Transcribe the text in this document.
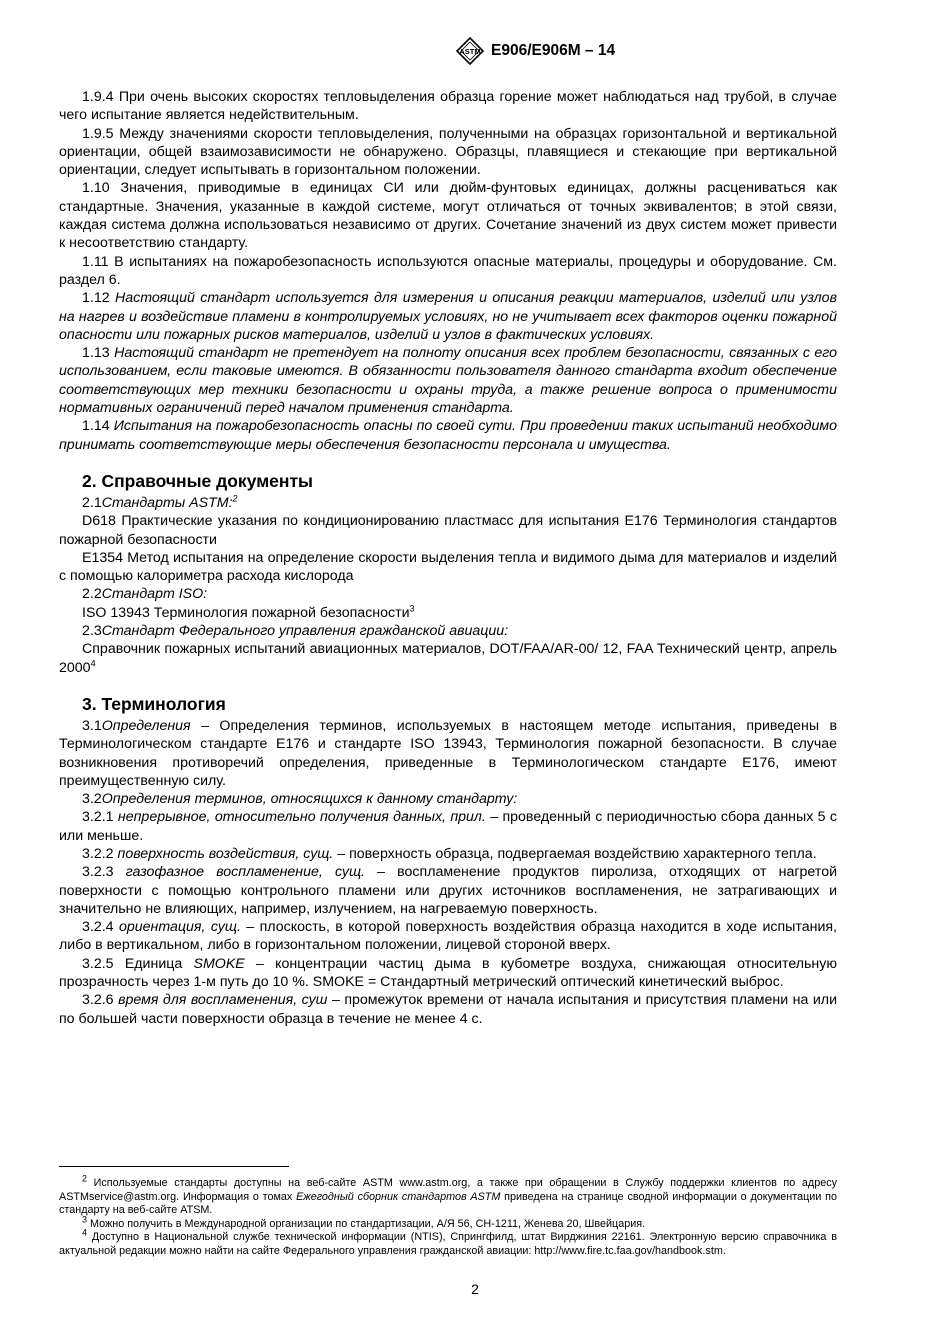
ASTM E906/E906M – 14

1.9.4 При очень высоких скоростях тепловыделения образца горение может наблюдаться над трубой, в случае чего испытание является недействительным.

1.9.5 Между значениями скорости тепловыделения, полученными на образцах горизонтальной и вертикальной ориентации, общей взаимозависимости не обнаружено. Образцы, плавящиеся и стекающие при вертикальной ориентации, следует испытывать в горизонтальном положении.

1.10 Значения, приводимые в единицах СИ или дюйм-фунтовых единицах, должны расцениваться как стандартные. Значения, указанные в каждой системе, могут отличаться от точных эквивалентов; в этой связи, каждая система должна использоваться независимо от других. Сочетание значений из двух систем может привести к несоответствию стандарту.

1.11 В испытаниях на пожаробезопасность используются опасные материалы, процедуры и оборудование. См. раздел 6.

1.12 Настоящий стандарт используется для измерения и описания реакции материалов, изделий или узлов на нагрев и воздействие пламени в контролируемых условиях, но не учитывает всех факторов оценки пожарной опасности или пожарных рисков материалов, изделий и узлов в фактических условиях.

1.13 Настоящий стандарт не претендует на полноту описания всех проблем безопасности, связанных с его использованием, если таковые имеются. В обязанности пользователя данного стандарта входит обеспечение соответствующих мер техники безопасности и охраны труда, а также решение вопроса о применимости нормативных ограничений перед началом применения стандарта.

1.14 Испытания на пожаробезопасность опасны по своей сути. При проведении таких испытаний необходимо принимать соответствующие меры обеспечения безопасности персонала и имущества.

2. Справочные документы

2.1Стандарты ASTM:$^2$

D618 Практические указания по кондиционированию пластмасс для испытания E176 Терминология стандартов пожарной безопасности

E1354 Метод испытания на определение скорости выделения тепла и видимого дыма для материалов и изделий с помощью калориметра расхода кислорода

2.2Стандарт ISO:

ISO 13943 Терминология пожарной безопасности$^3$

2.3Стандарт Федерального управления гражданской авиации:

Справочник пожарных испытаний авиационных материалов, DOT/FAA/AR-00/ 12, FAA Технический центр, апрель 2000$^4$

3. Терминология

3.1Определения – Определения терминов, используемых в настоящем методе испытания, приведены в Терминологическом стандарте E176 и стандарте ISO 13943, Терминология пожарной безопасности. В случае возникновения противоречий определения, приведенные в Терминологическом стандарте E176, имеют преимущественную силу.

3.2Определения терминов, относящихся к данному стандарту:

3.2.1 непрерывное, относительно получения данных, прил. – проведенный с периодичностью сбора данных 5 с или меньше.

3.2.2 поверхность воздействия, сущ. – поверхность образца, подвергаемая воздействию характерного тепла.

3.2.3 газофазное воспламенение, сущ. – воспламенение продуктов пиролиза, отходящих от нагретой поверхности с помощью контрольного пламени или других источников воспламенения, не затрагивающих и значительно не влияющих, например, излучением, на нагреваемую поверхность.

3.2.4 ориентация, сущ. – плоскость, в которой поверхность воздействия образца находится в ходе испытания, либо в вертикальном, либо в горизонтальном положении, лицевой стороной вверх.

3.2.5 Единица SMOKE – концентрации частиц дыма в кубометре воздуха, снижающая относительную прозрачность через 1-м путь до 10 %. SMOKE = Стандартный метрический оптический кинетический выброс.

3.2.6 время для воспламенения, суш – промежуток времени от начала испытания и присутствия пламени на или по большей части поверхности образца в течение не менее 4 с.

$^2$ Используемые стандарты доступны на веб-сайте ASTM www.astm.org, а также при обращении в Службу поддержки клиентов по адресу ASTMservice@astm.org. Информация о томах Ежегодный сборник стандартов ASTM приведена на странице сводной информации о документации по стандарту на веб-сайте ATSM.

$^3$ Можно получить в Международной организации по стандартизации, А/Я 56, CH-1211, Женева 20, Швейцария.

$^4$ Доступно в Национальной службе технической информации (NTIS), Спрингфилд, штат Вирджиния 22161. Электронную версию справочника в актуальной редакции можно найти на сайте Федерального управления гражданской авиации: http://www.fire.tc.faa.gov/handbook.stm.

2
